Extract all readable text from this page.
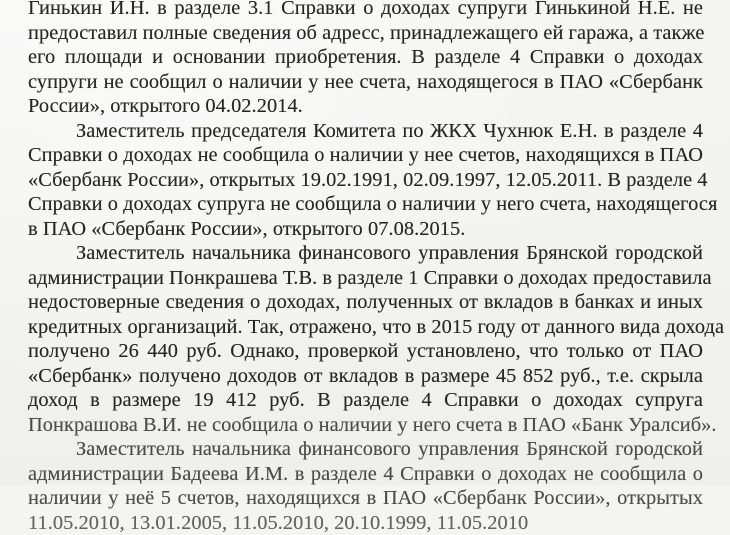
Гинькин И.Н. в разделе 3.1 Справки о доходах супруги Гинькиной Н.Е. не
предоставил полные сведения об адресс, принадлежащего ей гаража, а также
его площади и основании приобретения. В разделе 4 Справки о доходах
супруги не сообщил о наличии у нее счета, находящегося в ПАО «Сбербанк
России», открытого 04.02.2014.
Заместитель председателя Комитета по ЖКХ Чухнюк Е.Н. в разделе 4
Справки о доходах не сообщила о наличии у нее счетов, находящихся в ПАО
«Сбербанк России», открытых 19.02.1991, 02.09.1997, 12.05.2011. В разделе 4
Справки о доходах супруга не сообщила о наличии у него счета, находящегося
в ПАО «Сбербанк России», открытого 07.08.2015.
Заместитель начальника финансового управления Брянской городской
администрации Понкрашева Т.В. в разделе 1 Справки о доходах предоставила
недостоверные сведения о доходах, полученных от вкладов в банках и иных
кредитных организаций. Так, отражено, что в 2015 году от данного вида дохода
получено 26 440 руб. Однако, проверкой установлено, что только от ПАО
«Сбербанк» получено доходов от вкладов в размере 45 852 руб., т.е. скрыла
доход в размере 19 412 руб. В разделе 4 Справки о доходах супруга
Понкрашова В.И. не сообщила о наличии у него счета в ПАО «Банк Уралсиб».
Заместитель начальника финансового управления Брянской городской
администрации Бадеева И.М. в разделе 4 Справки о доходах не сообщила о
наличии у неё 5 счетов, находящихся в ПАО «Сбербанк России», открытых
11.05.2010, 13.01.2005, 11.05.2010, 20.10.1999, 11.05.2010
